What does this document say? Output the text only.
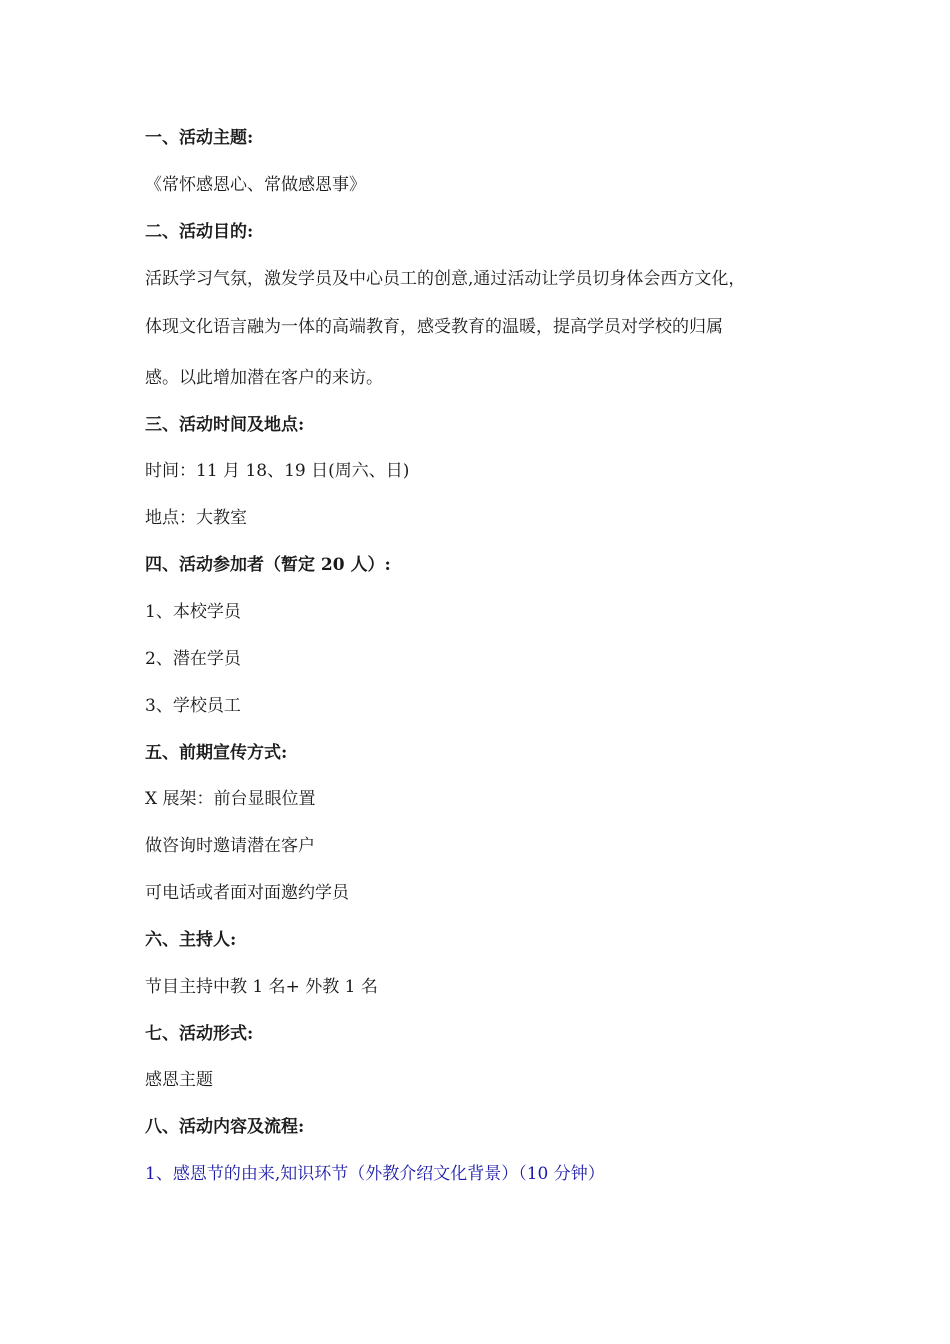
一、活动主题:
《常怀感恩心、常做感恩事》
二、活动目的:
活跃学习气氛，激发学员及中心员工的创意,通过活动让学员切身体会西方文化，
体现文化语言融为一体的高端教育，感受教育的温暖，提高学员对学校的归属
感。以此增加潜在客户的来访。
三、活动时间及地点:
时间：11 月 18、19 日(周六、日)
地点：大教室
四、活动参加者（暂定 20 人）:
1、本校学员
2、潜在学员
3、学校员工
五、前期宣传方式:
X 展架：前台显眼位置
做咨询时邀请潜在客户
可电话或者面对面邀约学员
六、主持人:
节目主持中教 1 名+ 外教 1 名
七、活动形式:
感恩主题
八、活动内容及流程:
1、感恩节的由来,知识环节（外教介绍文化背景）（10 分钟）
